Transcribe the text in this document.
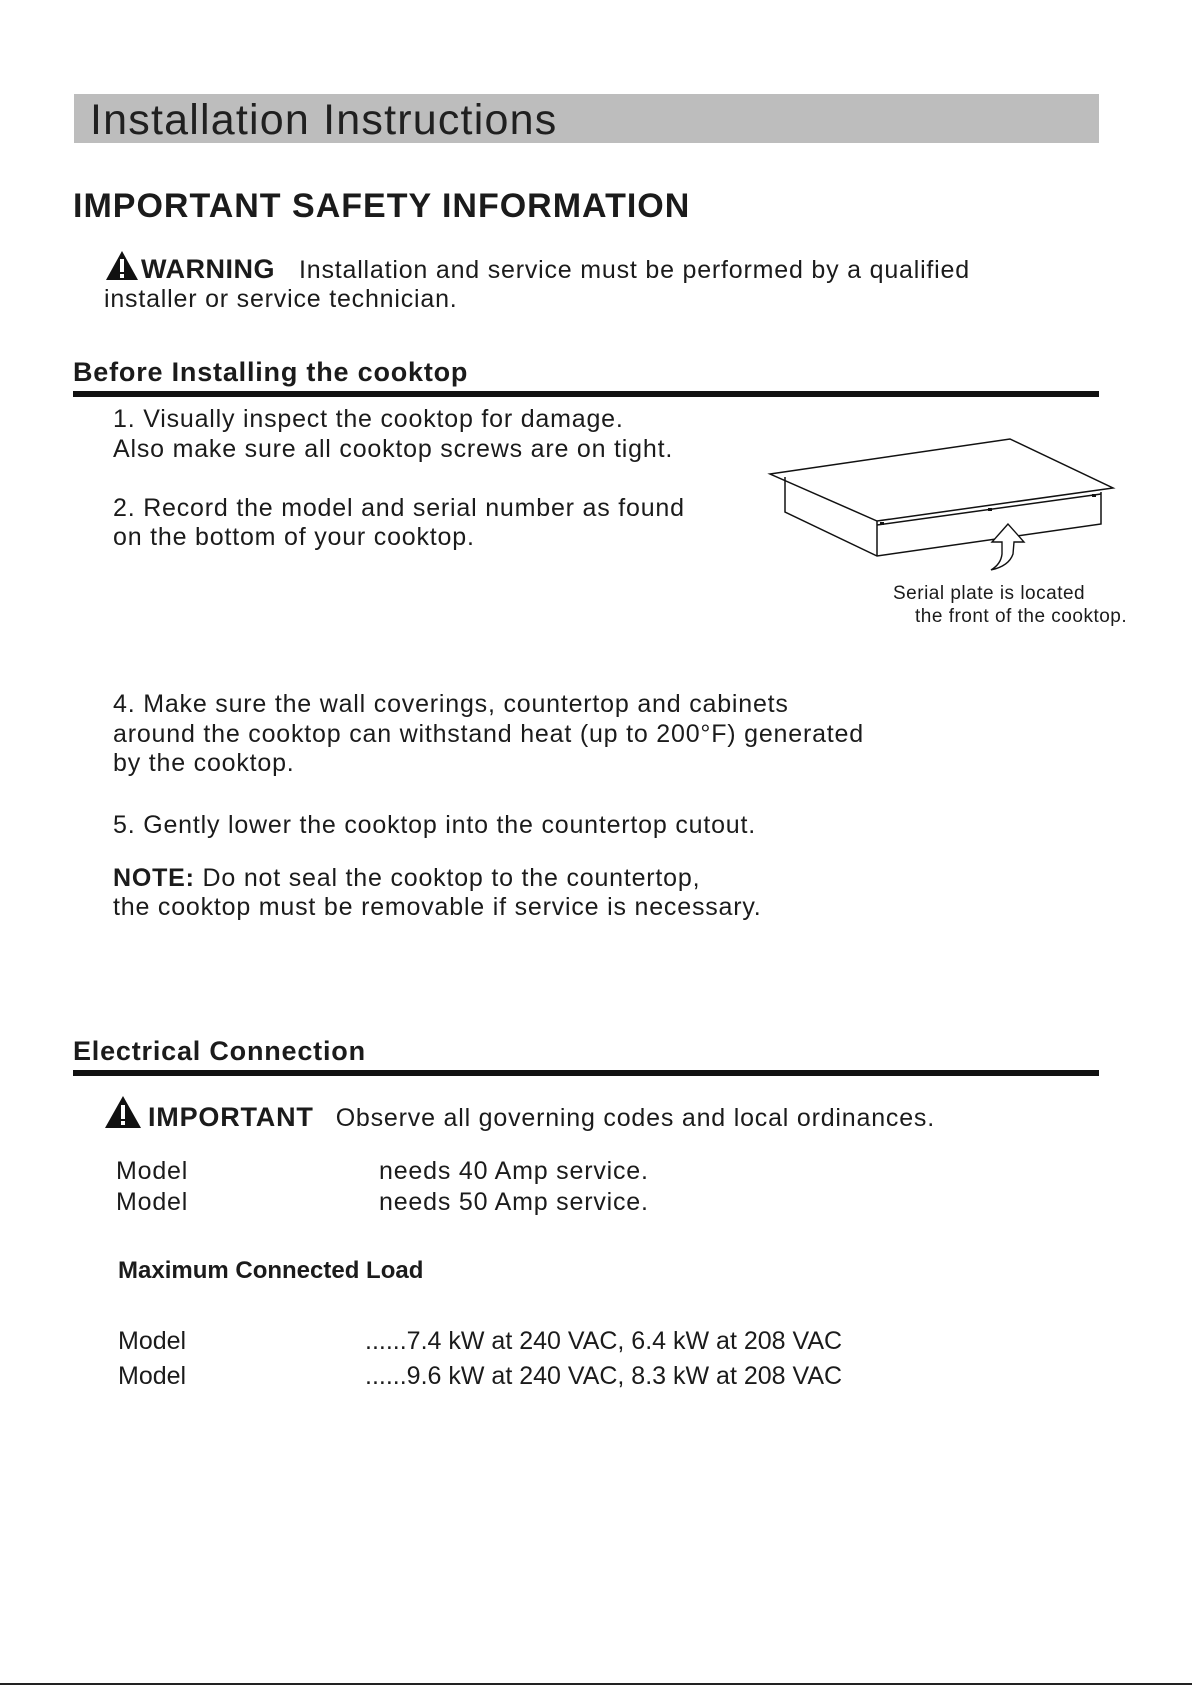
Installation Instructions
IMPORTANT SAFETY INFORMATION
WARNING Installation and service must be performed by a qualified
installer or service technician.
Before Installing the cooktop
1. Visually inspect the cooktop for damage.
Also make sure all cooktop screws are on tight.
2. Record the model and serial number as found
on the bottom of your cooktop.
Serial plate is located
the front of the cooktop.
4. Make sure the wall coverings, countertop and cabinets
around the cooktop can withstand heat (up to 200°F) generated
by the cooktop.
5. Gently lower the cooktop into the countertop cutout.
NOTE: Do not seal the cooktop to the countertop,
the cooktop must be removable if service is necessary.
Electrical Connection
IMPORTANT Observe all governing codes and local ordinances.
Model	needs 40 Amp service.
Model	needs 50 Amp service.
Maximum Connected Load
Model	......7.4 kW at 240 VAC, 6.4 kW at 208 VAC
Model	......9.6 kW at 240 VAC, 8.3 kW at 208 VAC
